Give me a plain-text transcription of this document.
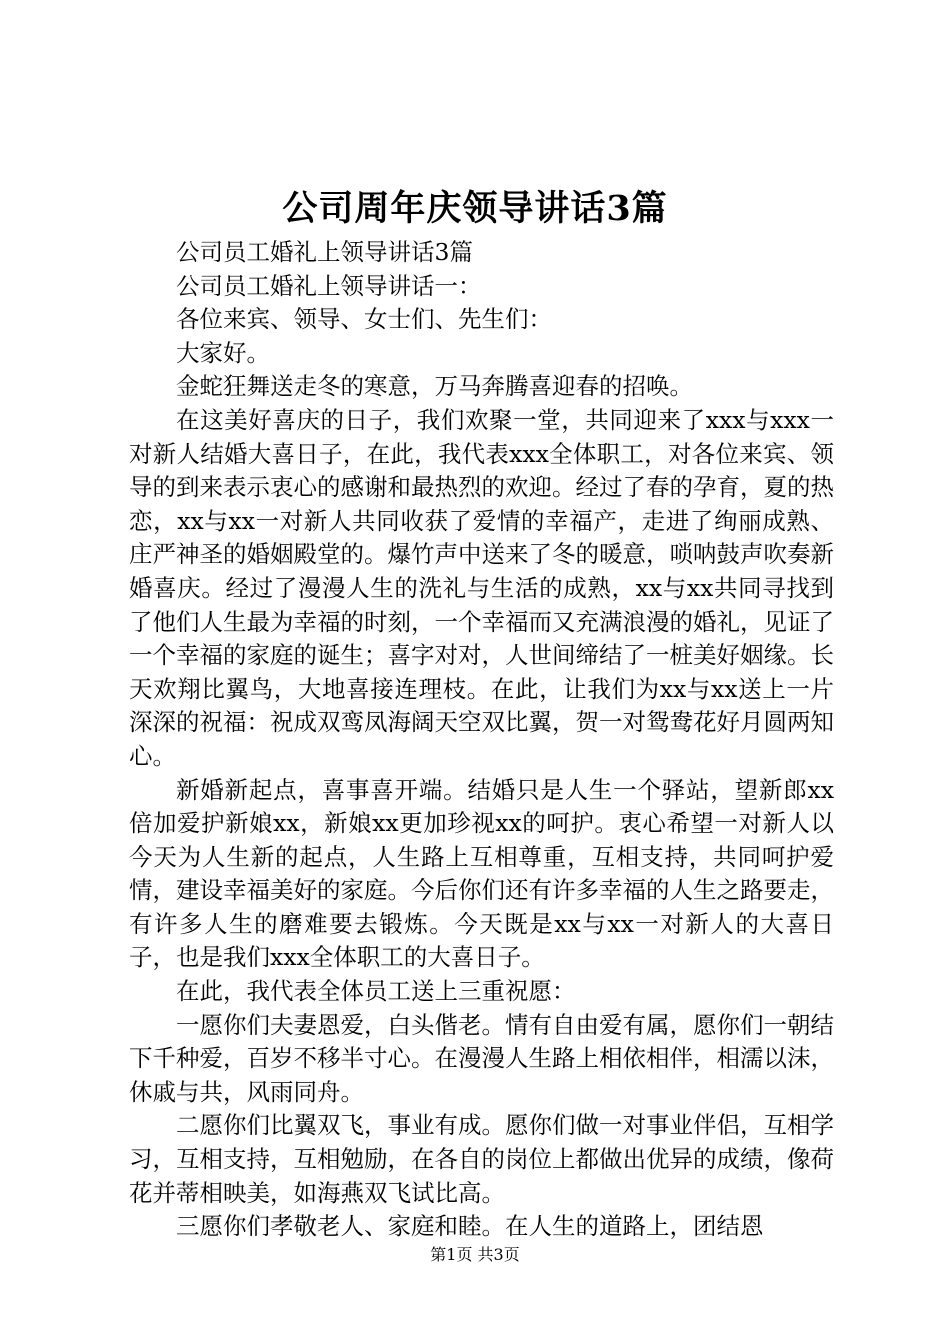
公司周年庆领导讲话3篇

公司员工婚礼上领导讲话3篇

公司员工婚礼上领导讲话一：

各位来宾、领导、女士们、先生们：

大家好。

金蛇狂舞送走冬的寒意，万马奔腾喜迎春的招唤。

在这美好喜庆的日子，我们欢聚一堂，共同迎来了xxx与xxx一对新人结婚大喜日子，在此，我代表xxx全体职工，对各位来宾、领导的到来表示衷心的感谢和最热烈的欢迎。经过了春的孕育，夏的热恋，xx与xx一对新人共同收获了爱情的幸福产，走进了绚丽成熟、庄严神圣的婚姻殿堂的。爆竹声中送来了冬的暖意，唢呐鼓声吹奏新婚喜庆。经过了漫漫人生的洗礼与生活的成熟，xx与xx共同寻找到了他们人生最为幸福的时刻，一个幸福而又充满浪漫的婚礼，见证了一个幸福的家庭的诞生；喜字对对，人世间缔结了一桩美好姻缘。长天欢翔比翼鸟，大地喜接连理枝。在此，让我们为xx与xx送上一片深深的祝福：祝成双鸾凤海阔天空双比翼，贺一对鸳鸯花好月圆两知心。

新婚新起点，喜事喜开端。结婚只是人生一个驿站，望新郎xx倍加爱护新娘xx，新娘xx更加珍视xx的呵护。衷心希望一对新人以今天为人生新的起点，人生路上互相尊重，互相支持，共同呵护爱情，建设幸福美好的家庭。今后你们还有许多幸福的人生之路要走，有许多人生的磨难要去锻炼。今天既是xx与xx一对新人的大喜日子，也是我们xxx全体职工的大喜日子。

在此，我代表全体员工送上三重祝愿：

一愿你们夫妻恩爱，白头偕老。情有自由爱有属，愿你们一朝结下千种爱，百岁不移半寸心。在漫漫人生路上相依相伴，相濡以沫，休戚与共，风雨同舟。

二愿你们比翼双飞，事业有成。愿你们做一对事业伴侣，互相学习，互相支持，互相勉励，在各自的岗位上都做出优异的成绩，像荷花并蒂相映美，如海燕双飞试比高。

三愿你们孝敬老人、家庭和睦。在人生的道路上，团结恩

第1页 共3页
